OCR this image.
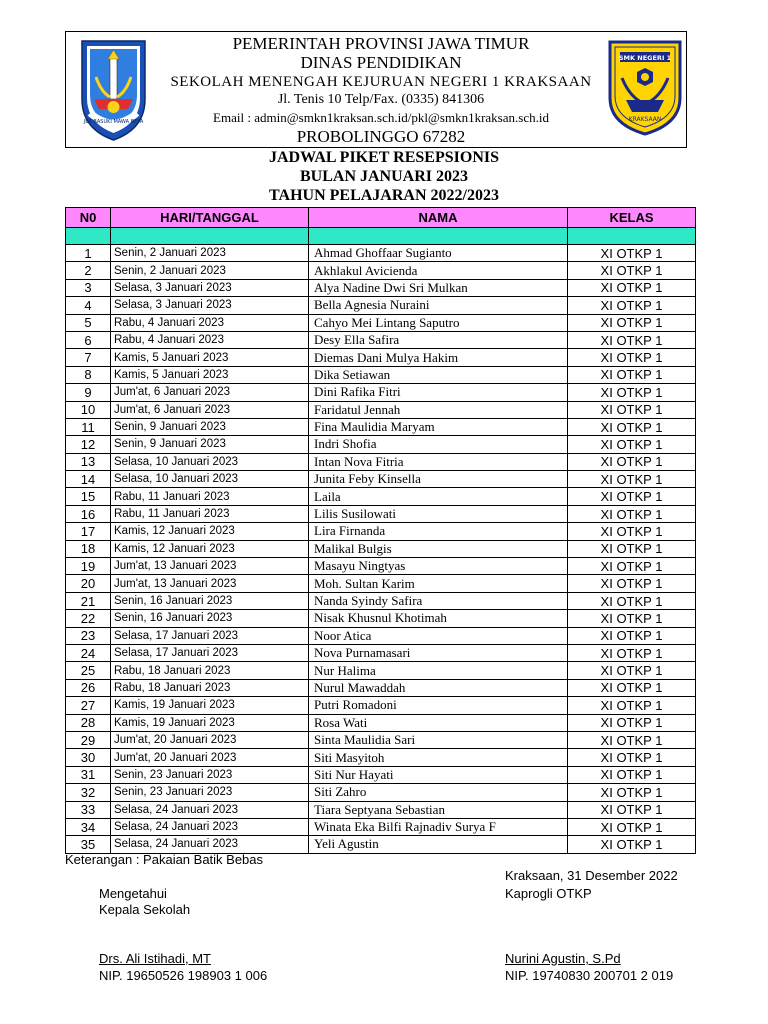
JER BASUKI MAWA BEYA
PEMERINTAH PROVINSI JAWA TIMUR
DINAS PENDIDIKAN
SEKOLAH MENENGAH KEJURUAN NEGERI 1 KRAKSAAN
Jl. Tenis 10 Telp/Fax. (0335) 841306
Email : admin@smkn1kraksan.sch.id/pkl@smkn1kraksan.sch.id
PROBOLINGGO 67282
SMK NEGERI 1
KRAKSAAN
JADWAL PIKET RESEPSIONIS
BULAN JANUARI 2023
TAHUN PELAJARAN 2022/2023
N0	HARI/TANGGAL	NAMA	KELAS

1	Senin, 2 Januari 2023	Ahmad Ghoffaar Sugianto	XI OTKP 1
2	Senin, 2 Januari 2023	Akhlakul Avicienda	XI OTKP 1
3	Selasa, 3 Januari 2023	Alya Nadine Dwi Sri Mulkan	XI OTKP 1
4	Selasa, 3 Januari 2023	Bella Agnesia Nuraini	XI OTKP 1
5	Rabu, 4 Januari 2023	Cahyo Mei Lintang Saputro	XI OTKP 1
6	Rabu, 4 Januari 2023	Desy Ella Safira	XI OTKP 1
7	Kamis, 5 Januari 2023	Diemas Dani Mulya Hakim	XI OTKP 1
8	Kamis, 5 Januari 2023	Dika Setiawan	XI OTKP 1
9	Jum'at, 6 Januari 2023	Dini Rafika Fitri	XI OTKP 1
10	Jum'at, 6 Januari 2023	Faridatul Jennah	XI OTKP 1
11	Senin, 9 Januari 2023	Fina Maulidia Maryam	XI OTKP 1
12	Senin, 9 Januari 2023	Indri Shofia	XI OTKP 1
13	Selasa, 10 Januari 2023	Intan Nova Fitria	XI OTKP 1
14	Selasa, 10 Januari 2023	Junita Feby Kinsella	XI OTKP 1
15	Rabu, 11 Januari 2023	Laila	XI OTKP 1
16	Rabu, 11 Januari 2023	Lilis Susilowati	XI OTKP 1
17	Kamis, 12 Januari 2023	Lira Firnanda	XI OTKP 1
18	Kamis, 12 Januari 2023	Malikal Bulgis	XI OTKP 1
19	Jum'at, 13 Januari 2023	Masayu Ningtyas	XI OTKP 1
20	Jum'at, 13 Januari 2023	Moh. Sultan Karim	XI OTKP 1
21	Senin, 16 Januari 2023	Nanda Syindy Safira	XI OTKP 1
22	Senin, 16 Januari 2023	Nisak Khusnul Khotimah	XI OTKP 1
23	Selasa, 17 Januari 2023	Noor Atica	XI OTKP 1
24	Selasa, 17 Januari 2023	Nova Purnamasari	XI OTKP 1
25	Rabu, 18 Januari 2023	Nur Halima	XI OTKP 1
26	Rabu, 18 Januari 2023	Nurul Mawaddah	XI OTKP 1
27	Kamis, 19 Januari 2023	Putri Romadoni	XI OTKP 1
28	Kamis, 19 Januari 2023	Rosa Wati	XI OTKP 1
29	Jum'at, 20 Januari 2023	Sinta Maulidia Sari	XI OTKP 1
30	Jum'at, 20 Januari 2023	Siti Masyitoh	XI OTKP 1
31	Senin, 23 Januari 2023	Siti Nur Hayati	XI OTKP 1
32	Senin, 23 Januari 2023	Siti Zahro	XI OTKP 1
33	Selasa, 24 Januari 2023	Tiara Septyana Sebastian	XI OTKP 1
34	Selasa, 24 Januari 2023	Winata Eka Bilfi Rajnadiv Surya F	XI OTKP 1
35	Selasa, 24 Januari 2023	Yeli Agustin	XI OTKP 1
Keterangan : Pakaian Batik Bebas
Kraksaan, 31 Desember 2022
Mengetahui	Kaprogli OTKP
Kepala Sekolah
Drs. Ali Istihadi, MT	Nurini Agustin, S.Pd
NIP. 19650526 198903 1 006	NIP. 19740830 200701 2 019
